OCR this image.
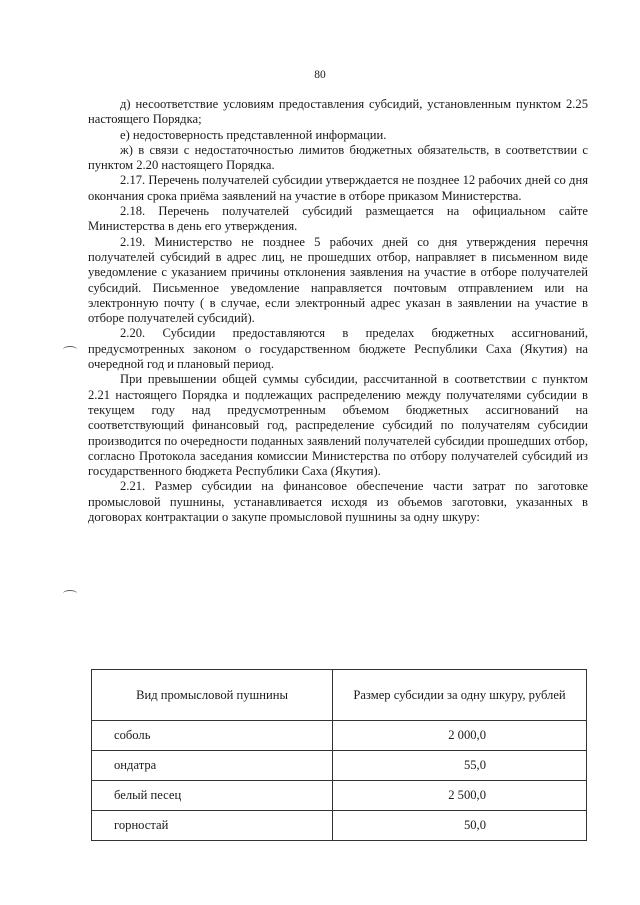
80

д) несоответствие условиям предоставления субсидий, установленным пунктом 2.25 настоящего Порядка;

е) недостоверность представленной информации.

ж) в связи с недостаточностью лимитов бюджетных обязательств, в соответствии с пунктом 2.20 настоящего Порядка.

2.17. Перечень получателей субсидии утверждается не позднее 12 рабочих дней со дня окончания срока приёма заявлений на участие в отборе приказом Министерства.

2.18. Перечень получателей субсидий размещается на официальном сайте Министерства в день его утверждения.

2.19. Министерство не позднее 5 рабочих дней со дня утверждения перечня получателей субсидий в адрес лиц, не прошедших отбор, направляет в письменном виде уведомление с указанием причины отклонения заявления на участие в отборе получателей субсидий. Письменное уведомление направляется почтовым отправлением или на электронную почту ( в случае, если электронный адрес указан в заявлении на участие в отборе получателей субсидий).

2.20. Субсидии предоставляются в пределах бюджетных ассигнований, предусмотренных законом о государственном бюджете Республики Саха (Якутия) на очередной год и плановый период.

При превышении общей суммы субсидии, рассчитанной в соответствии с пунктом 2.21 настоящего Порядка и подлежащих распределению между получателями субсидии в текущем году над предусмотренным объемом бюджетных ассигнований на соответствующий финансовый год, распределение субсидий по получателям субсидии производится по очередности поданных заявлений получателей субсидии прошедших отбор, согласно Протокола заседания комиссии Министерства по отбору получателей субсидий из государственного бюджета Республики Саха (Якутия).

2.21. Размер субсидии на финансовое обеспечение части затрат по заготовке промысловой пушнины, устанавливается исходя из объемов заготовки, указанных в договорах контрактации о закупе промысловой пушнины за одну шкуру:

Вид промысловой пушнины	Размер субсидии за одну шкуру, рублей
соболь	2 000,0
ондатра	55,0
белый песец	2 500,0
горностай	50,0
